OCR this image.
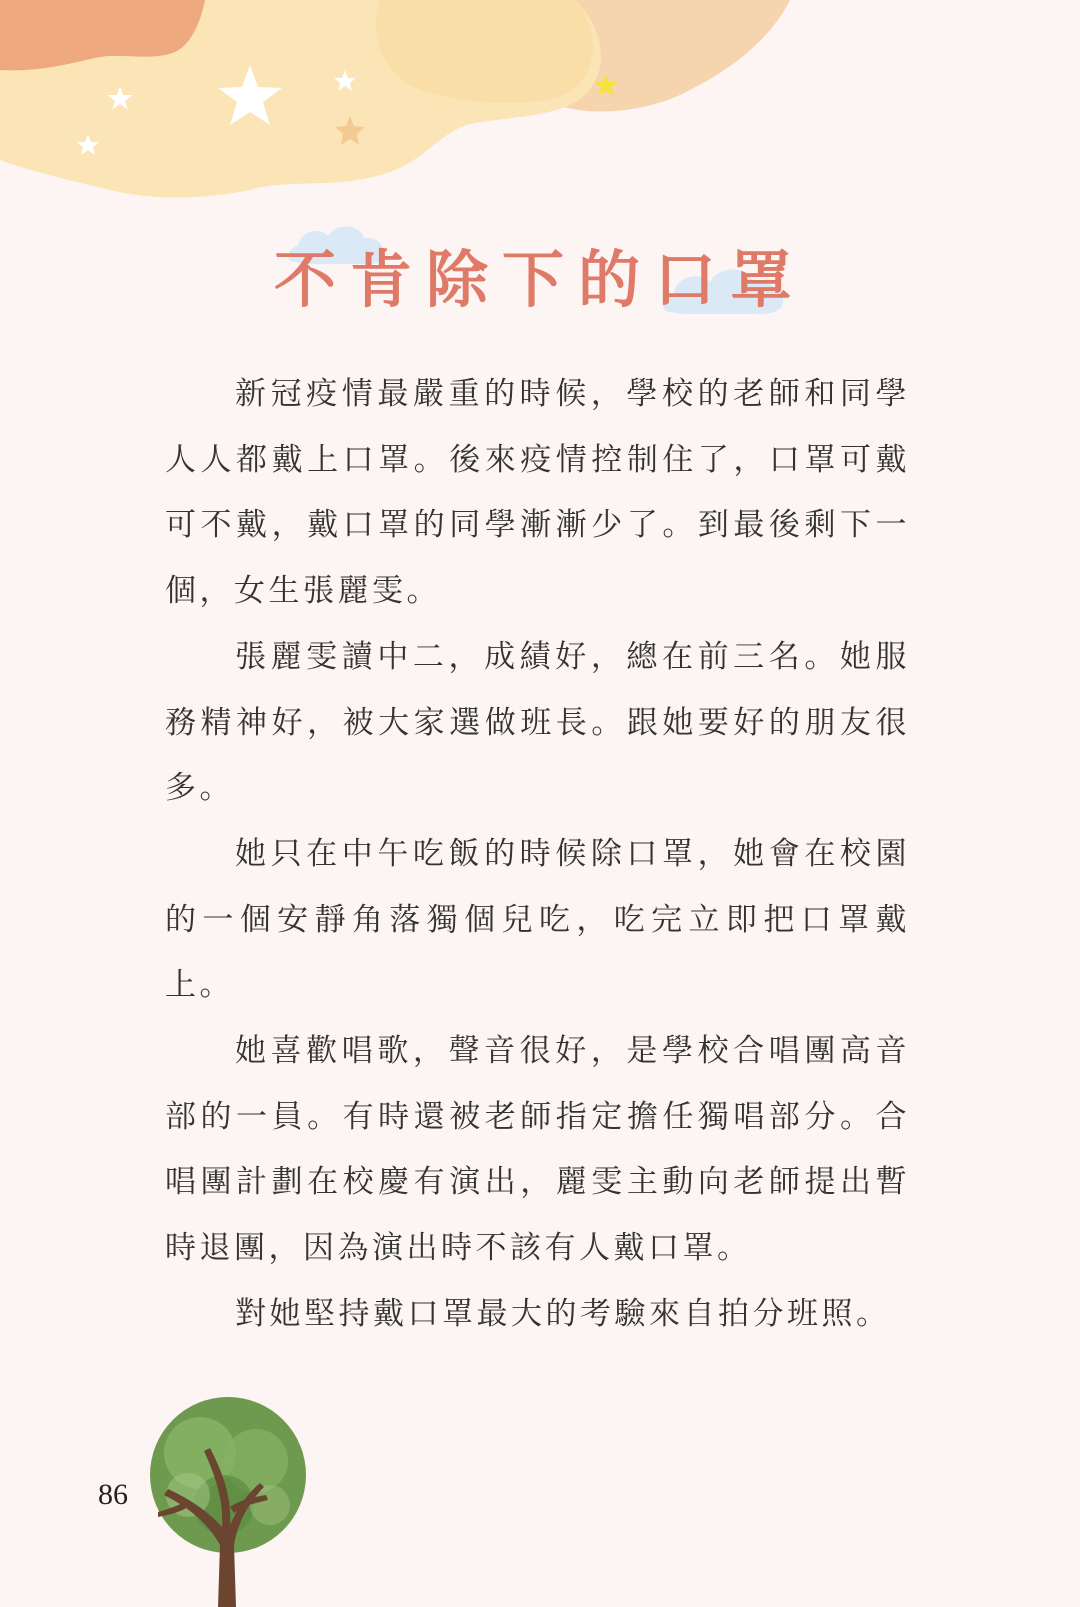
不肯除下的口罩

新冠疫情最嚴重的時候，學校的老師和同學人人都戴上口罩。後來疫情控制住了，口罩可戴可不戴，戴口罩的同學漸漸少了。到最後剩下一個，女生張麗雯。

張麗雯讀中二，成績好，總在前三名。她服務精神好，被大家選做班長。跟她要好的朋友很多。

她只在中午吃飯的時候除口罩，她會在校園的一個安靜角落獨個兒吃，吃完立即把口罩戴上。

她喜歡唱歌，聲音很好，是學校合唱團高音部的一員。有時還被老師指定擔任獨唱部分。合唱團計劃在校慶有演出，麗雯主動向老師提出暫時退團，因為演出時不該有人戴口罩。

對她堅持戴口罩最大的考驗來自拍分班照。

86
